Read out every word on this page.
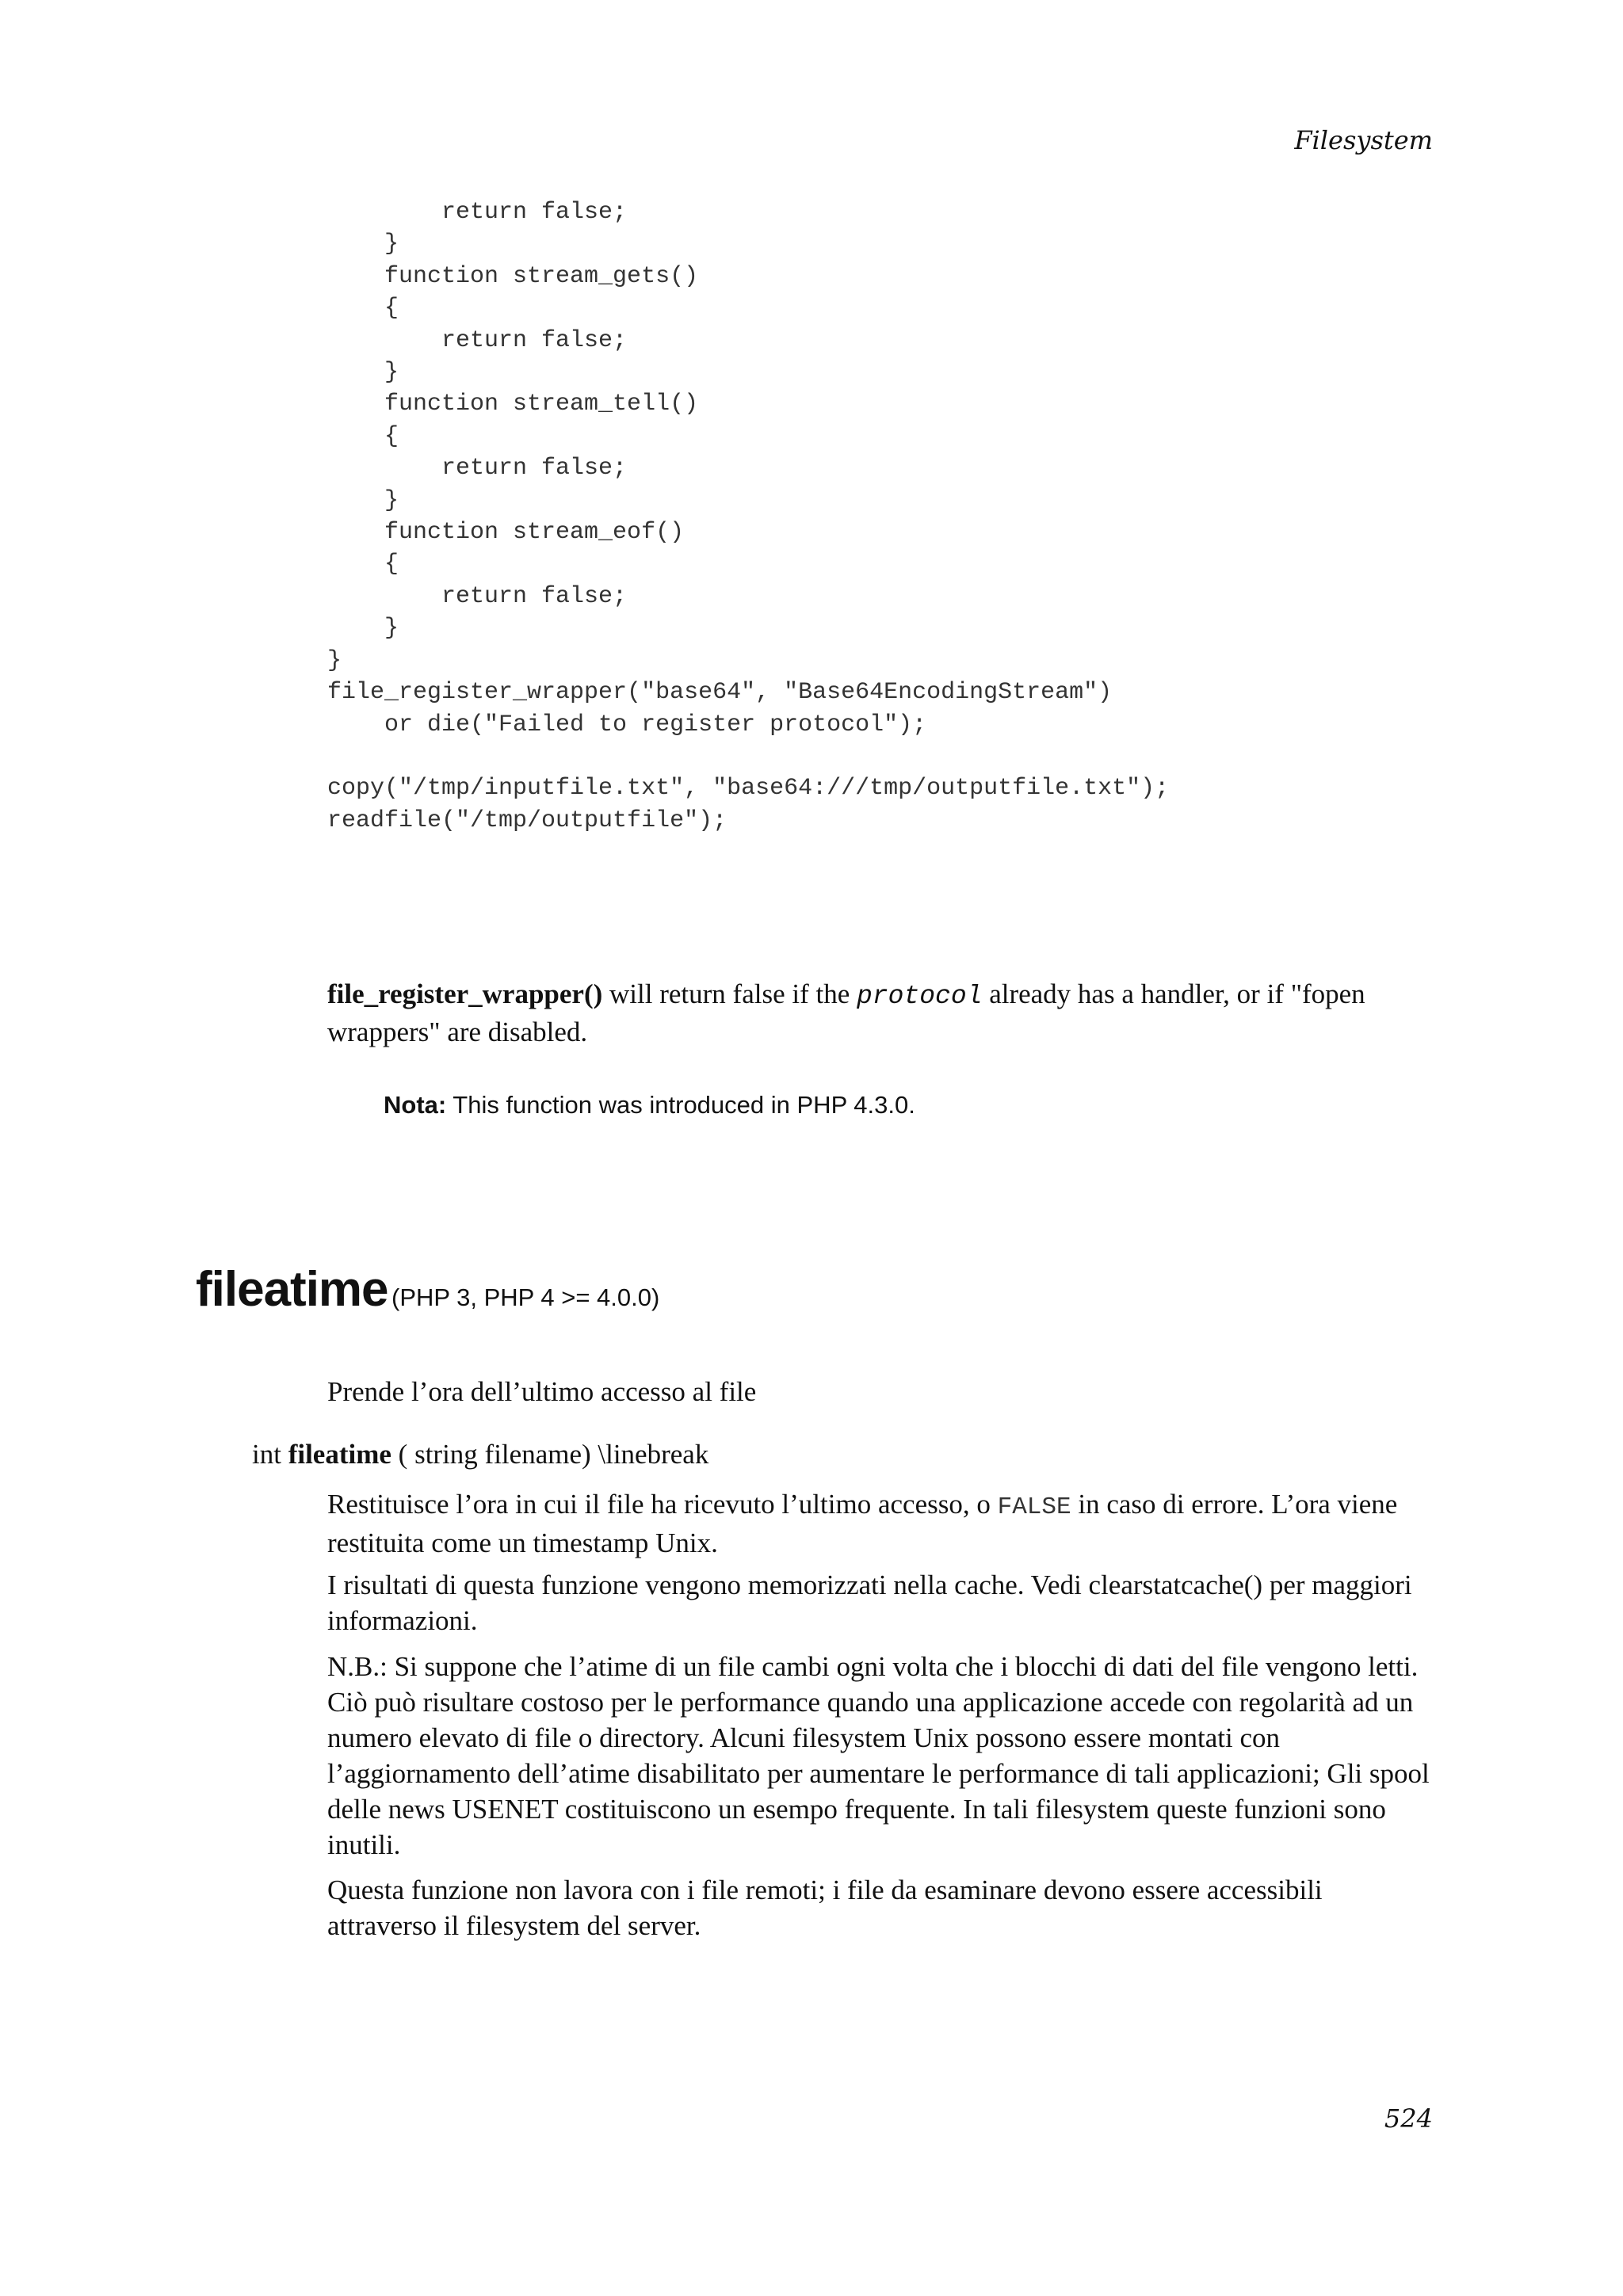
Filesystem
return false;
}
function stream_gets()
{
return false;
}
function stream_tell()
{
return false;
}
function stream_eof()
{
return false;
}
}
file_register_wrapper("base64", "Base64EncodingStream")
or die("Failed to register protocol");
copy("/tmp/inputfile.txt", "base64:///tmp/outputfile.txt");
readfile("/tmp/outputfile");

file_register_wrapper() will return false if the protocol already has a handler, or if "fopen wrappers" are disabled.

Nota: This function was introduced in PHP 4.3.0.

fileatime (PHP 3, PHP 4 >= 4.0.0)

Prende l’ora dell’ultimo accesso al file

int fileatime ( string filename) \linebreak

Restituisce l’ora in cui il file ha ricevuto l’ultimo accesso, o FALSE in caso di errore. L’ora viene restituita come un timestamp Unix.

I risultati di questa funzione vengono memorizzati nella cache. Vedi clearstatcache() per maggiori informazioni.

N.B.: Si suppone che l’atime di un file cambi ogni volta che i blocchi di dati del file vengono letti. Ciò può risultare costoso per le performance quando una applicazione accede con regolarità ad un numero elevato di file o directory. Alcuni filesystem Unix possono essere montati con l’aggiornamento dell’atime disabilitato per aumentare le performance di tali applicazioni; Gli spool delle news USENET costituiscono un esempo frequente. In tali filesystem queste funzioni sono inutili.

Questa funzione non lavora con i file remoti; i file da esaminare devono essere accessibili attraverso il filesystem del server.

524
